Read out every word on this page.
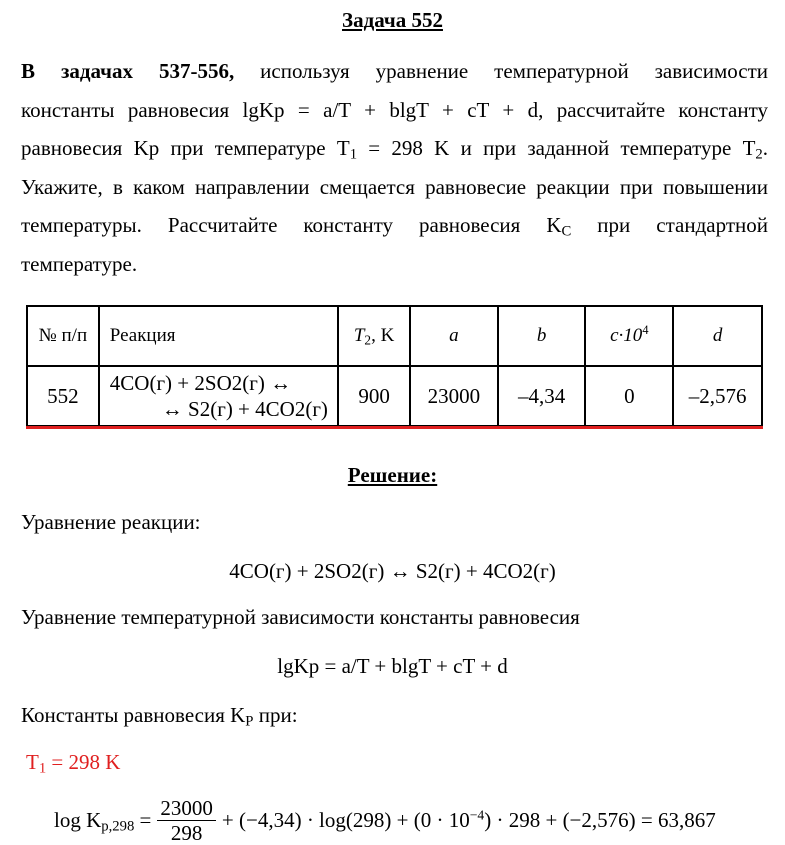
Задача 552
В задачах 537-556, используя уравнение температурной зависимости
константы равновесия lgKp = a/T + blgT + cT + d, рассчитайте константу
равновесия Kp при температуре $T_1 = 298$ K и при заданной температуре $T_2$.
Укажите, в каком направлении смещается равновесие реакции при повышении
температуры. Рассчитайте константу равновесия $K_C$ при стандартной
температуре.
№ п/п	Реакция	$T_2$, K	a	b	$c\cdot 10^4$	d
552	4CO(г) + 2SO2(г) ↔
↔ S2(г) + 4CO2(г)	900	23000	–4,34	0	–2,576
Решение:
Уравнение реакции:
4CO(г) + 2SO2(г) ↔ S2(г) + 4CO2(г)
Уравнение температурной зависимости константы равновесия
lgKp = a/T + blgT + cT + d
Константы равновесия $K_P$ при:
$T_1 = 298$ K
$\log K_{p,298} = \frac{23000}{298} + (-4,34) \cdot \log(298) + (0 \cdot 10^{-4}) \cdot 298 + (-2,576) = 63,867$
